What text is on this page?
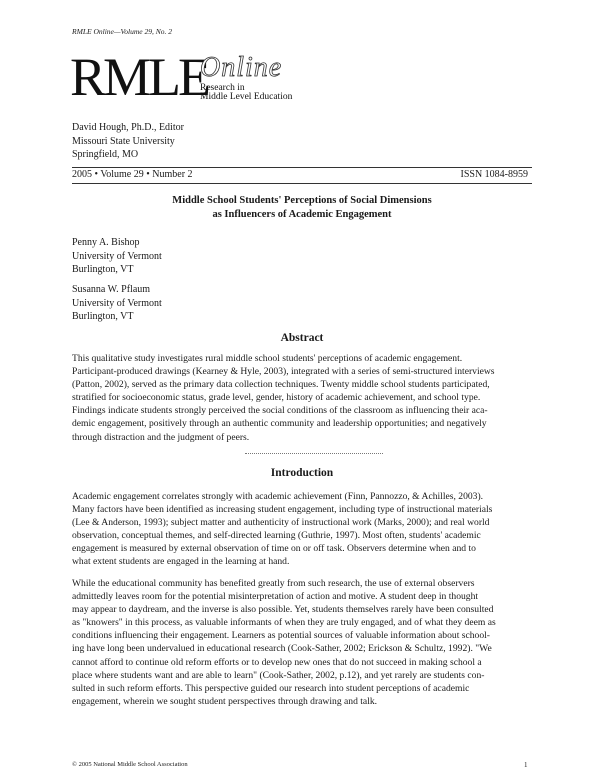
RMLE Online—Volume 29, No. 2
RMLE
Online
Research in
Middle Level Education
David Hough, Ph.D., Editor
Missouri State University
Springfield, MO
2005 • Volume 29 • Number 2	ISSN 1084-8959
Middle School Students' Perceptions of Social Dimensions
as Influencers of Academic Engagement
Penny A. Bishop
University of Vermont
Burlington, VT
Susanna W. Pflaum
University of Vermont
Burlington, VT
Abstract
This qualitative study investigates rural middle school students' perceptions of academic engagement.
Participant-produced drawings (Kearney & Hyle, 2003), integrated with a series of semi-structured interviews
(Patton, 2002), served as the primary data collection techniques. Twenty middle school students participated,
stratified for socioeconomic status, grade level, gender, history of academic achievement, and school type.
Findings indicate students strongly perceived the social conditions of the classroom as influencing their aca-
demic engagement, positively through an authentic community and leadership opportunities; and negatively
through distraction and the judgment of peers.
Introduction
Academic engagement correlates strongly with academic achievement (Finn, Pannozzo, & Achilles, 2003).
Many factors have been identified as increasing student engagement, including type of instructional materials
(Lee & Anderson, 1993); subject matter and authenticity of instructional work (Marks, 2000); and real world
observation, conceptual themes, and self-directed learning (Guthrie, 1997). Most often, students' academic
engagement is measured by external observation of time on or off task. Observers determine when and to
what extent students are engaged in the learning at hand.
While the educational community has benefited greatly from such research, the use of external observers
admittedly leaves room for the potential misinterpretation of action and motive. A student deep in thought
may appear to daydream, and the inverse is also possible. Yet, students themselves rarely have been consulted
as "knowers" in this process, as valuable informants of when they are truly engaged, and of what they deem as
conditions influencing their engagement. Learners as potential sources of valuable information about school-
ing have long been undervalued in educational research (Cook-Sather, 2002; Erickson & Schultz, 1992). "We
cannot afford to continue old reform efforts or to develop new ones that do not succeed in making school a
place where students want and are able to learn" (Cook-Sather, 2002, p.12), and yet rarely are students con-
sulted in such reform efforts. This perspective guided our research into student perceptions of academic
engagement, wherein we sought student perspectives through drawing and talk.
© 2005 National Middle School Association	1
